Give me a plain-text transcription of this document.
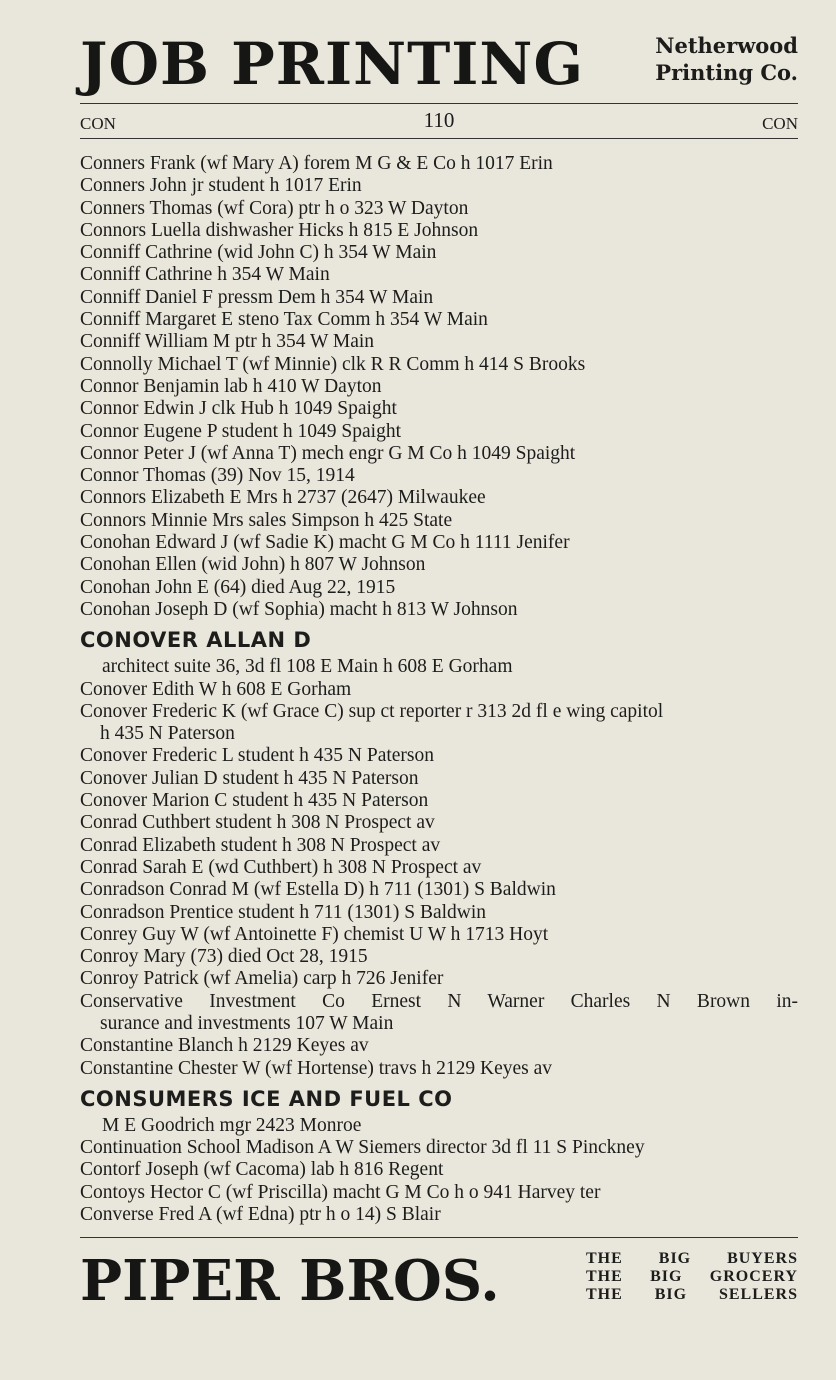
JOB PRINTING	Netherwood
Printing Co.
CON	110	CON
Conners Frank (wf Mary A) forem M G & E Co h 1017 Erin
Conners John jr student h 1017 Erin
Conners Thomas (wf Cora) ptr h o 323 W Dayton
Connors Luella dishwasher Hicks h 815 E Johnson
Conniff Cathrine (wid John C) h 354 W Main
Conniff Cathrine h 354 W Main
Conniff Daniel F pressm Dem h 354 W Main
Conniff Margaret E steno Tax Comm h 354 W Main
Conniff William M ptr h 354 W Main
Connolly Michael T (wf Minnie) clk R R Comm h 414 S Brooks
Connor Benjamin lab h 410 W Dayton
Connor Edwin J clk Hub h 1049 Spaight
Connor Eugene P student h 1049 Spaight
Connor Peter J (wf Anna T) mech engr G M Co h 1049 Spaight
Connor Thomas (39) Nov 15, 1914
Connors Elizabeth E Mrs h 2737 (2647) Milwaukee
Connors Minnie Mrs sales Simpson h 425 State
Conohan Edward J (wf Sadie K) macht G M Co h 1111 Jenifer
Conohan Ellen (wid John) h 807 W Johnson
Conohan John E (64) died Aug 22, 1915
Conohan Joseph D (wf Sophia) macht h 813 W Johnson
CONOVER ALLAN D
architect suite 36, 3d fl 108 E Main h 608 E Gorham
Conover Edith W h 608 E Gorham
Conover Frederic K (wf Grace C) sup ct reporter r 313 2d fl e wing capitol
h 435 N Paterson
Conover Frederic L student h 435 N Paterson
Conover Julian D student h 435 N Paterson
Conover Marion C student h 435 N Paterson
Conrad Cuthbert student h 308 N Prospect av
Conrad Elizabeth student h 308 N Prospect av
Conrad Sarah E (wd Cuthbert) h 308 N Prospect av
Conradson Conrad M (wf Estella D) h 711 (1301) S Baldwin
Conradson Prentice student h 711 (1301) S Baldwin
Conrey Guy W (wf Antoinette F) chemist U W h 1713 Hoyt
Conroy Mary (73) died Oct 28, 1915
Conroy Patrick (wf Amelia) carp h 726 Jenifer
Conservative Investment Co Ernest N Warner Charles N Brown in-
surance and investments 107 W Main
Constantine Blanch h 2129 Keyes av
Constantine Chester W (wf Hortense) travs h 2129 Keyes av
CONSUMERS ICE AND FUEL CO
M E Goodrich mgr 2423 Monroe
Continuation School Madison A W Siemers director 3d fl 11 S Pinckney
Contorf Joseph (wf Cacoma) lab h 816 Regent
Contoys Hector C (wf Priscilla) macht G M Co h o 941 Harvey ter
Converse Fred A (wf Edna) ptr h o 14) S Blair
PIPER BROS.	THE BIG BUYERS
THE BIG GROCERY
THE BIG SELLERS
